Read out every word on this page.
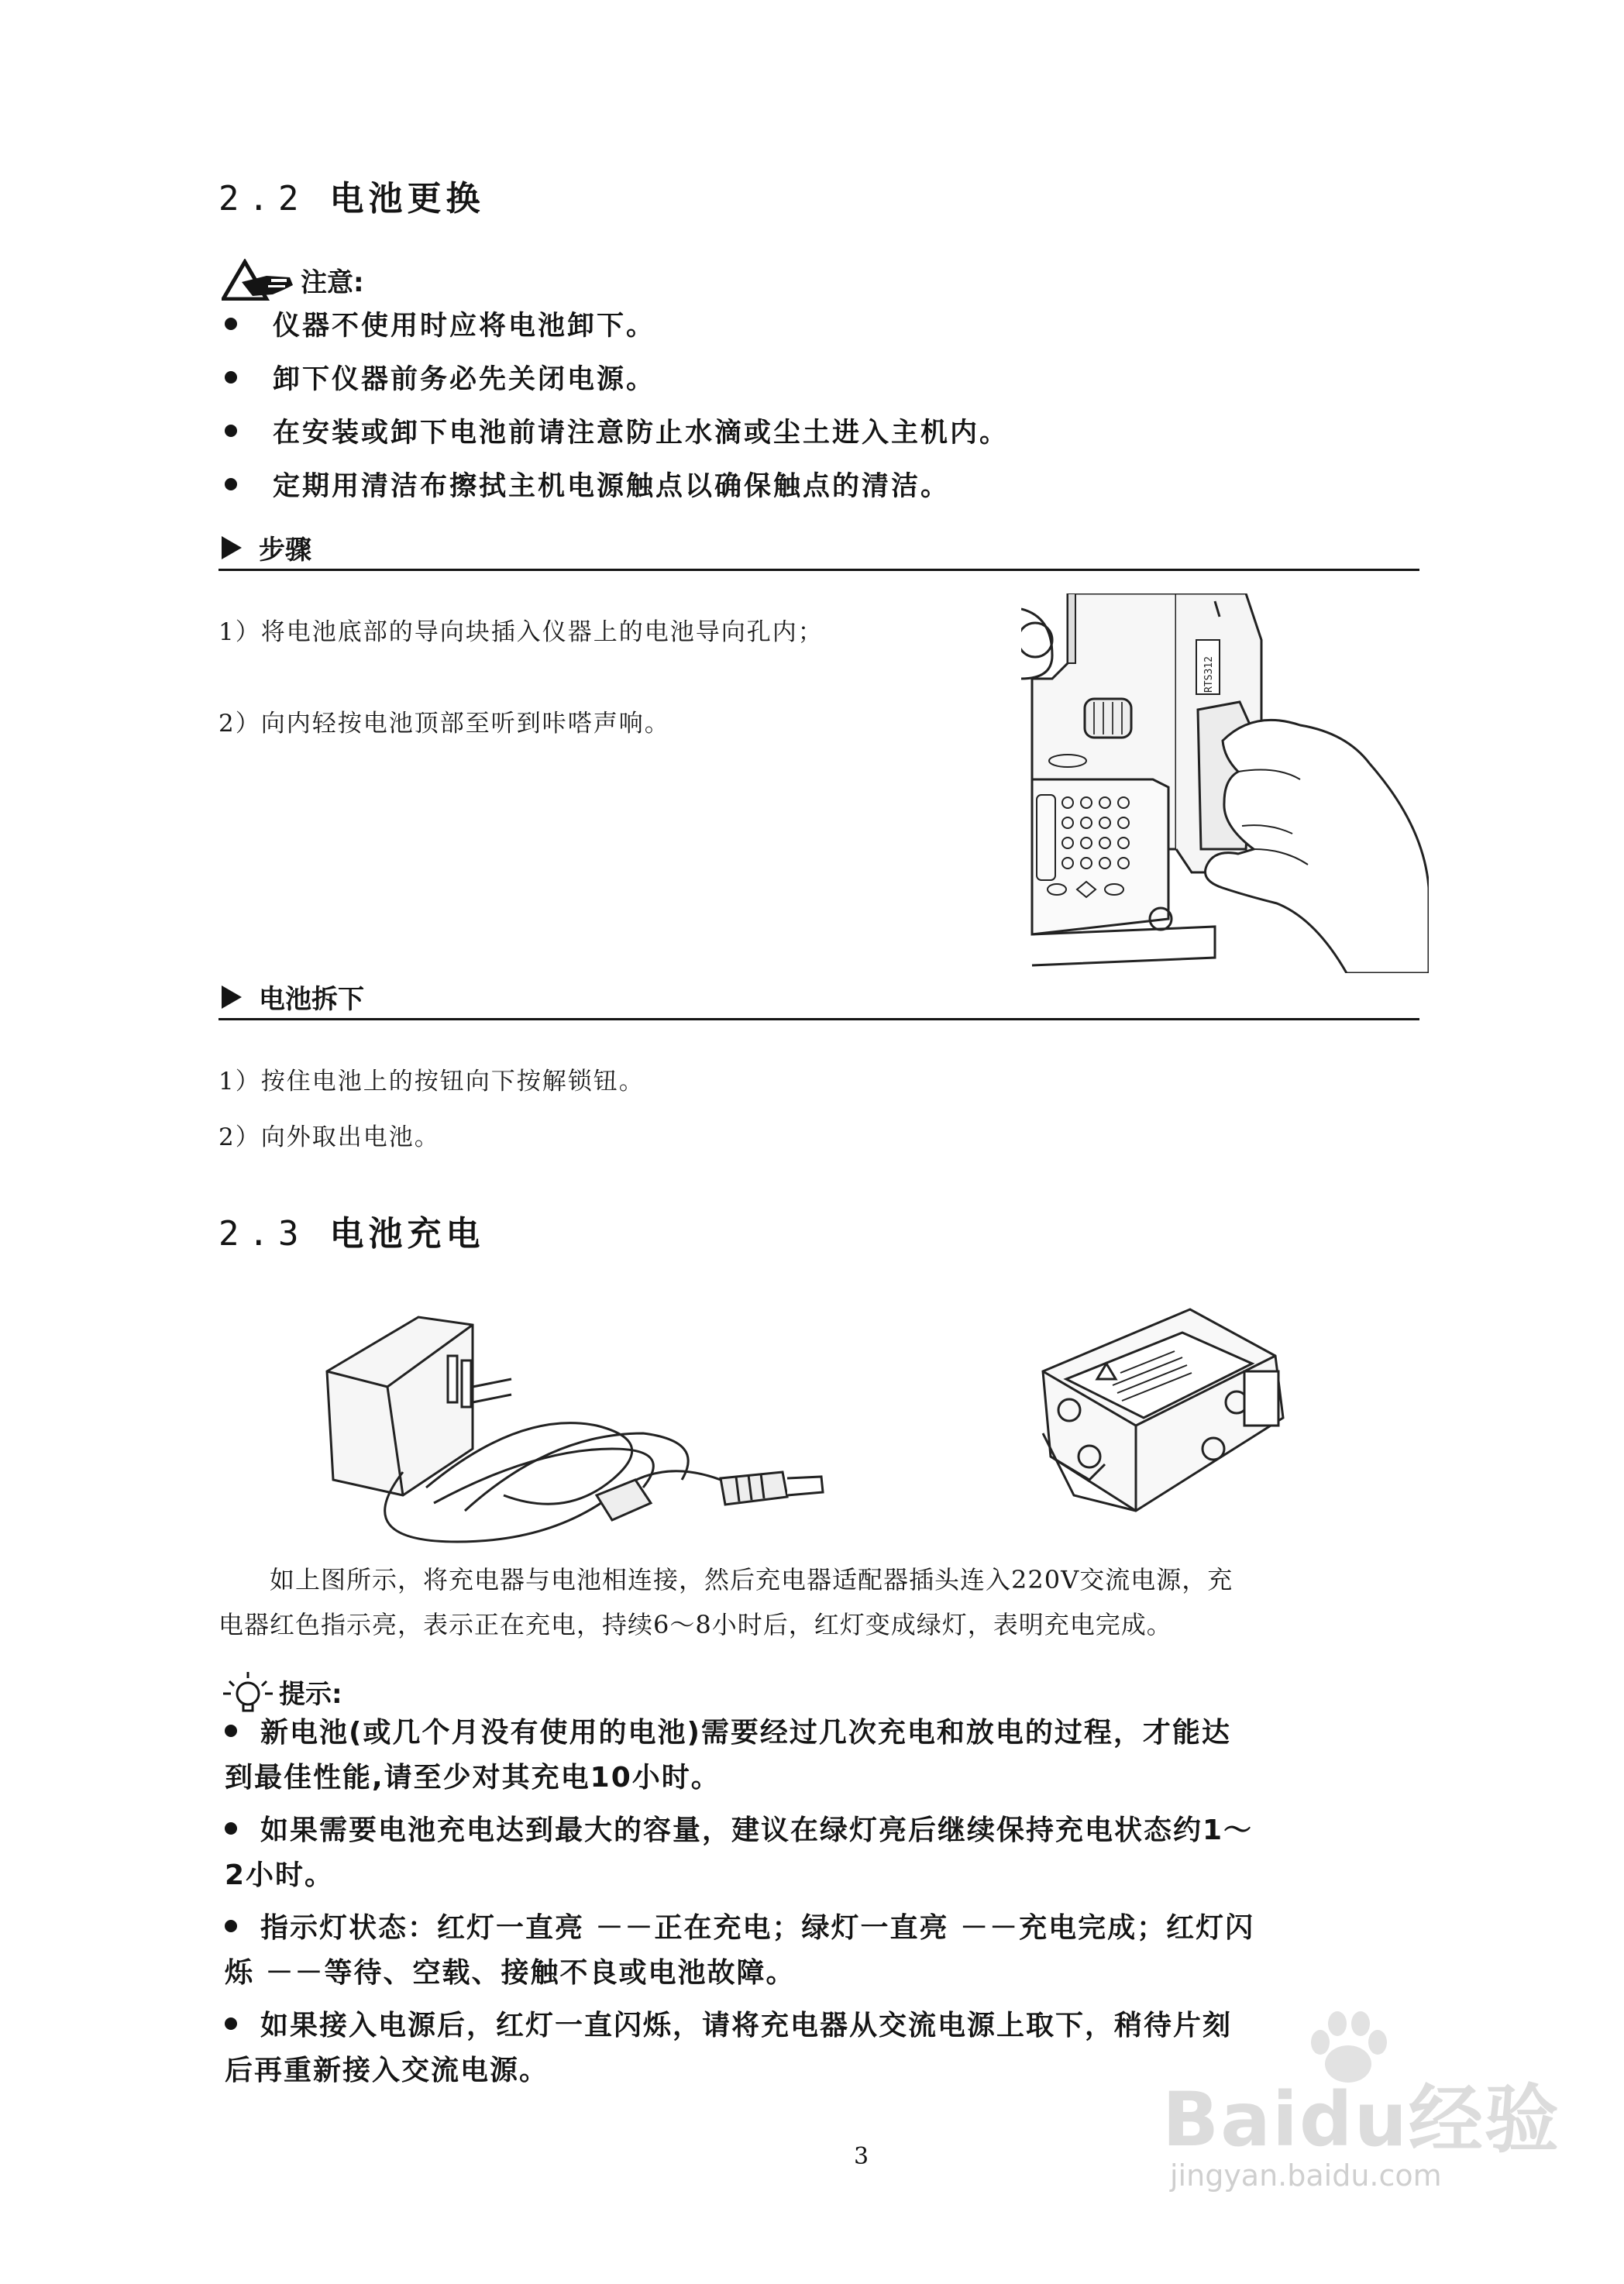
2.2 电池更换
注意:
仪器不使用时应将电池卸下。
卸下仪器前务必先关闭电源。
在安装或卸下电池前请注意防止水滴或尘土进入主机内。
定期用清洁布擦拭主机电源触点以确保触点的清洁。
步骤
1）将电池底部的导向块插入仪器上的电池导向孔内；
2）向内轻按电池顶部至听到咔嗒声响。
RTS312
电池拆下
1）按住电池上的按钮向下按解锁钮。
2）向外取出电池。
2.3 电池充电
如上图所示，将充电器与电池相连接，然后充电器适配器插头连入220V交流电源，充
电器红色指示亮，表示正在充电，持续6～8小时后，红灯变成绿灯，表明充电完成。
提示:
新电池(或几个月没有使用的电池)需要经过几次充电和放电的过程，才能达
到最佳性能,请至少对其充电10小时。
如果需要电池充电达到最大的容量，建议在绿灯亮后继续保持充电状态约1～
2小时。
指示灯状态：红灯一直亮 －－正在充电；绿灯一直亮 －－充电完成；红灯闪
烁 －－等待、空载、接触不良或电池故障。
如果接入电源后，红灯一直闪烁，请将充电器从交流电源上取下，稍待片刻
后再重新接入交流电源。
3	Baidu经验
jingyan.baidu.com
